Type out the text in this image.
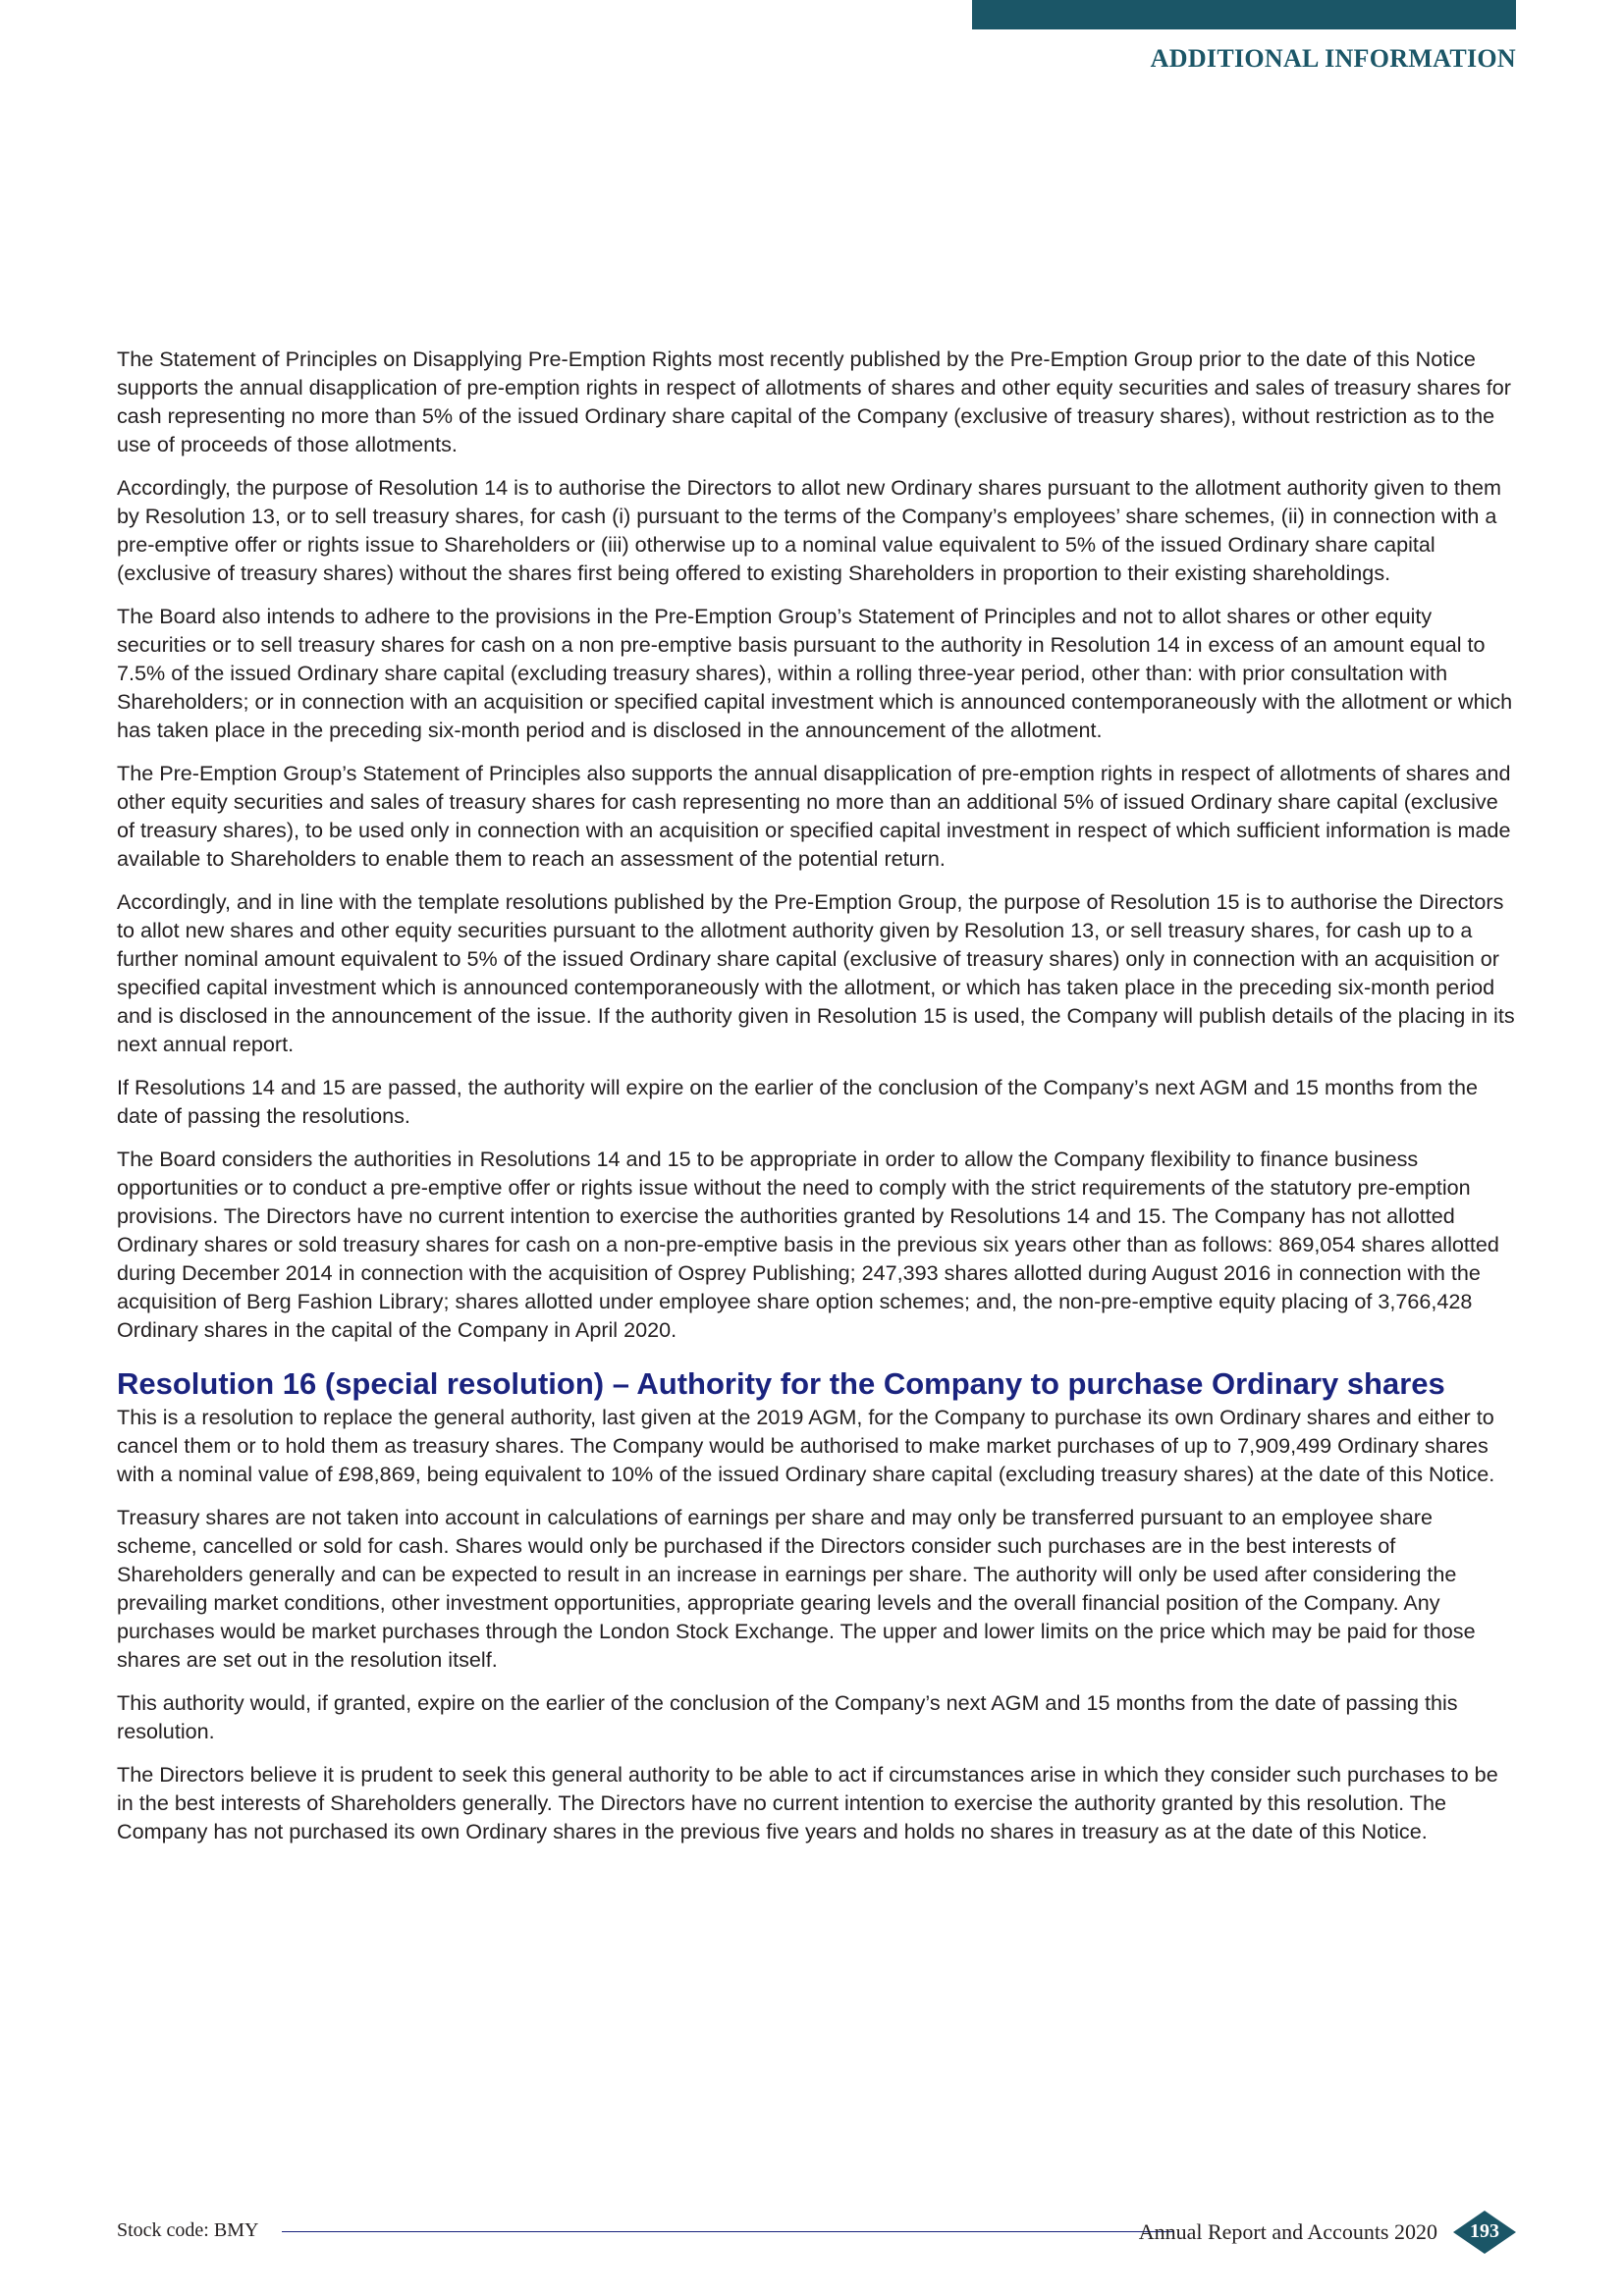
ADDITIONAL INFORMATION

The Statement of Principles on Disapplying Pre-Emption Rights most recently published by the Pre-Emption Group prior to the date of this Notice supports the annual disapplication of pre-emption rights in respect of allotments of shares and other equity securities and sales of treasury shares for cash representing no more than 5% of the issued Ordinary share capital of the Company (exclusive of treasury shares), without restriction as to the use of proceeds of those allotments.

Accordingly, the purpose of Resolution 14 is to authorise the Directors to allot new Ordinary shares pursuant to the allotment authority given to them by Resolution 13, or to sell treasury shares, for cash (i) pursuant to the terms of the Company’s employees’ share schemes, (ii) in connection with a pre-emptive offer or rights issue to Shareholders or (iii) otherwise up to a nominal value equivalent to 5% of the issued Ordinary share capital (exclusive of treasury shares) without the shares first being offered to existing Shareholders in proportion to their existing shareholdings.

The Board also intends to adhere to the provisions in the Pre-Emption Group’s Statement of Principles and not to allot shares or other equity securities or to sell treasury shares for cash on a non pre-emptive basis pursuant to the authority in Resolution 14 in excess of an amount equal to 7.5% of the issued Ordinary share capital (excluding treasury shares), within a rolling three-year period, other than: with prior consultation with Shareholders; or in connection with an acquisition or specified capital investment which is announced contemporaneously with the allotment or which has taken place in the preceding six-month period and is disclosed in the announcement of the allotment.

The Pre-Emption Group’s Statement of Principles also supports the annual disapplication of pre-emption rights in respect of allotments of shares and other equity securities and sales of treasury shares for cash representing no more than an additional 5% of issued Ordinary share capital (exclusive of treasury shares), to be used only in connection with an acquisition or specified capital investment in respect of which sufficient information is made available to Shareholders to enable them to reach an assessment of the potential return.

Accordingly, and in line with the template resolutions published by the Pre-Emption Group, the purpose of Resolution 15 is to authorise the Directors to allot new shares and other equity securities pursuant to the allotment authority given by Resolution 13, or sell treasury shares, for cash up to a further nominal amount equivalent to 5% of the issued Ordinary share capital (exclusive of treasury shares) only in connection with an acquisition or specified capital investment which is announced contemporaneously with the allotment, or which has taken place in the preceding six-month period and is disclosed in the announcement of the issue. If the authority given in Resolution 15 is used, the Company will publish details of the placing in its next annual report.

If Resolutions 14 and 15 are passed, the authority will expire on the earlier of the conclusion of the Company’s next AGM and 15 months from the date of passing the resolutions.

The Board considers the authorities in Resolutions 14 and 15 to be appropriate in order to allow the Company flexibility to finance business opportunities or to conduct a pre-emptive offer or rights issue without the need to comply with the strict requirements of the statutory pre-emption provisions. The Directors have no current intention to exercise the authorities granted by Resolutions 14 and 15. The Company has not allotted Ordinary shares or sold treasury shares for cash on a non-pre-emptive basis in the previous six years other than as follows: 869,054 shares allotted during December 2014 in connection with the acquisition of Osprey Publishing; 247,393 shares allotted during August 2016 in connection with the acquisition of Berg Fashion Library; shares allotted under employee share option schemes; and, the non-pre-emptive equity placing of 3,766,428 Ordinary shares in the capital of the Company in April 2020.

Resolution 16 (special resolution) – Authority for the Company to purchase Ordinary shares

This is a resolution to replace the general authority, last given at the 2019 AGM, for the Company to purchase its own Ordinary shares and either to cancel them or to hold them as treasury shares. The Company would be authorised to make market purchases of up to 7,909,499 Ordinary shares with a nominal value of £98,869, being equivalent to 10% of the issued Ordinary share capital (excluding treasury shares) at the date of this Notice.

Treasury shares are not taken into account in calculations of earnings per share and may only be transferred pursuant to an employee share scheme, cancelled or sold for cash. Shares would only be purchased if the Directors consider such purchases are in the best interests of Shareholders generally and can be expected to result in an increase in earnings per share. The authority will only be used after considering the prevailing market conditions, other investment opportunities, appropriate gearing levels and the overall financial position of the Company. Any purchases would be market purchases through the London Stock Exchange. The upper and lower limits on the price which may be paid for those shares are set out in the resolution itself.

This authority would, if granted, expire on the earlier of the conclusion of the Company’s next AGM and 15 months from the date of passing this resolution.

The Directors believe it is prudent to seek this general authority to be able to act if circumstances arise in which they consider such purchases to be in the best interests of Shareholders generally. The Directors have no current intention to exercise the authority granted by this resolution. The Company has not purchased its own Ordinary shares in the previous five years and holds no shares in treasury as at the date of this Notice.

Stock code: BMY	Annual Report and Accounts 2020	193
